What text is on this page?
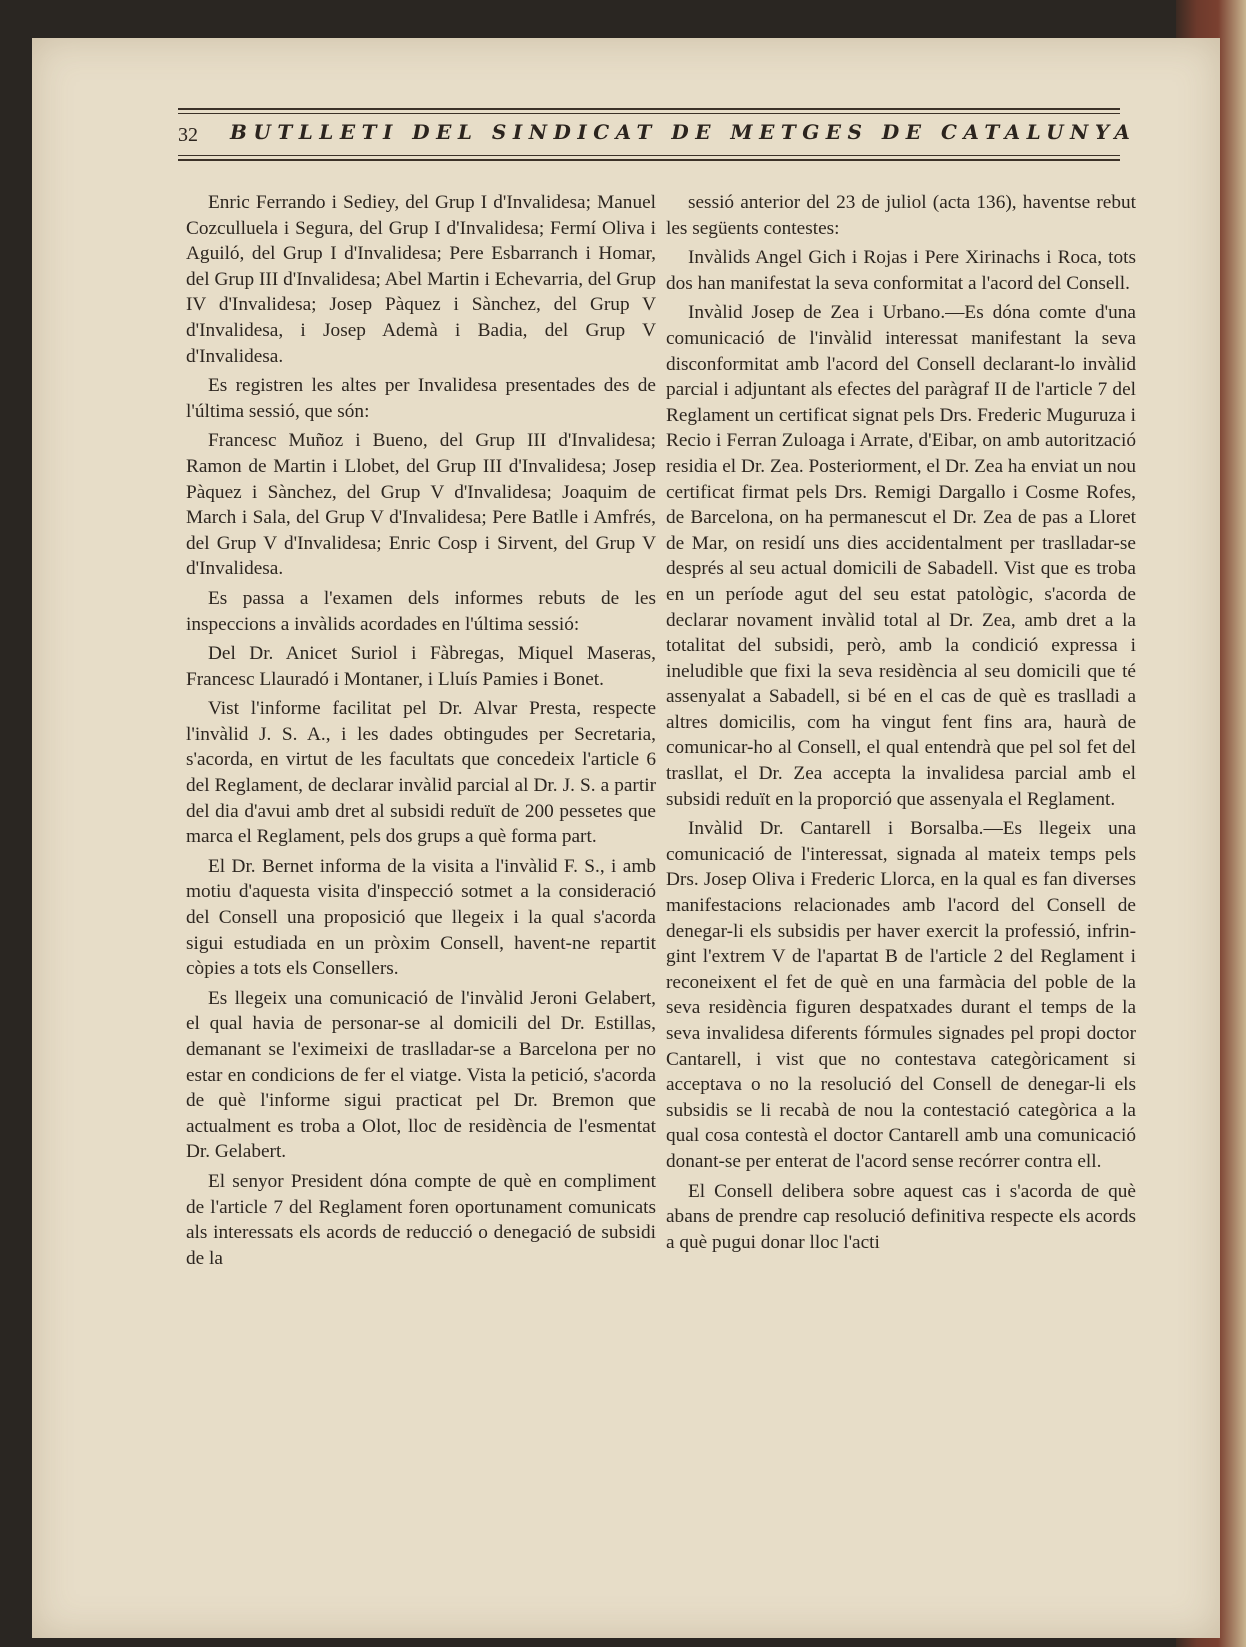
32 BUTLLETI DEL SINDICAT DE METGES DE CATALUNYA

Enric Ferrando i Sediey, del Grup I d'Invalidesa; Manuel Cozculluela i Segura, del Grup I d'Invalidesa; Fermí Oliva i Aguiló, del Grup I d'Invalidesa; Pere Esbarranch i Homar, del Grup III d'Invalidesa; Abel Martin i Echevarria, del Grup IV d'Invalidesa; Josep Pàquez i Sànchez, del Grup V d'Invalidesa, i Josep Ademà i Badia, del Grup V d'Invalidesa.

Es registren les altes per Invalidesa presentades des de l'última sessió, que són:

Francesc Muñoz i Bueno, del Grup III d'Invalidesa; Ramon de Martin i Llobet, del Grup III d'Invalidesa; Josep Pàquez i Sànchez, del Grup V d'Invalidesa; Joaquim de March i Sala, del Grup V d'Invalidesa; Pere Batlle i Amfrés, del Grup V d'Invalidesa; Enric Cosp i Sirvent, del Grup V d'Invalidesa.

Es passa a l'examen dels informes rebuts de les inspeccions a invàlids acordades en l'última sessió:

Del Dr. Anicet Suriol i Fàbregas, Miquel Maseras, Francesc Llauradó i Montaner, i Lluís Pamies i Bonet.

Vist l'informe facilitat pel Dr. Alvar Presta, respecte l'invàlid J. S. A., i les dades obtingudes per Secretaria, s'acorda, en virtut de les facultats que concedeix l'article 6 del Reglament, de declarar invàlid parcial al Dr. J. S. a partir del dia d'avui amb dret al subsidi reduït de 200 pessetes que marca el Reglament, pels dos grups a què forma part.

El Dr. Bernet informa de la visita a l'invàlid F. S., i amb motiu d'aquesta visita d'inspecció sotmet a la consideració del Consell una proposició que llegeix i la qual s'acorda sigui estudiada en un pròxim Consell, havent-ne repartit còpies a tots els Consellers.

Es llegeix una comunicació de l'invàlid Jeroni Gelabert, el qual havia de personar-se al domicili del Dr. Estillas, demanant se l'eximeixi de traslladar-se a Barcelona per no estar en condicions de fer el viatge. Vista la petició, s'acorda de què l'informe sigui practicat pel Dr. Bremon que actualment es troba a Olot, lloc de residència de l'esmentat Dr. Gelabert.

El senyor President dóna compte de què en compliment de l'article 7 del Reglament foren oportunament comunicats als interessats els acords de reducció o denegació de subsidi de la

sessió anterior del 23 de juliol (acta 136), haventse rebut les següents contestes:

Invàlids Angel Gich i Rojas i Pere Xirinachs i Roca, tots dos han manifestat la seva conformitat a l'acord del Consell.

Invàlid Josep de Zea i Urbano.—Es dóna comte d'una comunicació de l'invàlid interessat manifestant la seva disconformitat amb l'acord del Consell declarant-lo invàlid parcial i adjuntant als efectes del paràgraf II de l'article 7 del Reglament un certificat signat pels Drs. Frederic Muguruza i Recio i Ferran Zuloaga i Arrate, d'Eibar, on amb autorització residia el Dr. Zea. Posteriorment, el Dr. Zea ha enviat un nou certificat firmat pels Drs. Remigi Dargallo i Cosme Rofes, de Barcelona, on ha permanescut el Dr. Zea de pas a Lloret de Mar, on residí uns dies accidentalment per traslladar-se després al seu actual domicili de Sabadell. Vist que es troba en un període agut del seu estat patològic, s'acorda de declarar novament invàlid total al Dr. Zea, amb dret a la totalitat del subsidi, però, amb la condició expressa i ineludible que fixi la seva residència al seu domicili que té assenyalat a Sabadell, si bé en el cas de què es traslladi a altres domicilis, com ha vingut fent fins ara, haurà de comunicar-ho al Consell, el qual entendrà que pel sol fet del trasllat, el Dr. Zea accepta la invalidesa parcial amb el subsidi reduït en la proporció que assenyala el Reglament.

Invàlid Dr. Cantarell i Borsalba.—Es llegeix una comunicació de l'interessat, signada al mateix temps pels Drs. Josep Oliva i Frederic Llorca, en la qual es fan diverses manifestacions relacionades amb l'acord del Consell de denegar-li els subsidis per haver exercit la professió, infringint l'extrem V de l'apartat B de l'article 2 del Reglament i reconeixent el fet de què en una farmàcia del poble de la seva residència figuren despatxades durant el temps de la seva invalidesa diferents fórmules signades pel propi doctor Cantarell, i vist que no contestava categòricament si acceptava o no la resolució del Consell de denegar-li els subsidis se li recabà de nou la contestació categòrica a la qual cosa contestà el doctor Cantarell amb una comunicació donant-se per enterat de l'acord sense recórrer contra ell.

El Consell delibera sobre aquest cas i s'acorda de què abans de prendre cap resolució definitiva respecte els acords a què pugui donar lloc l'acti
